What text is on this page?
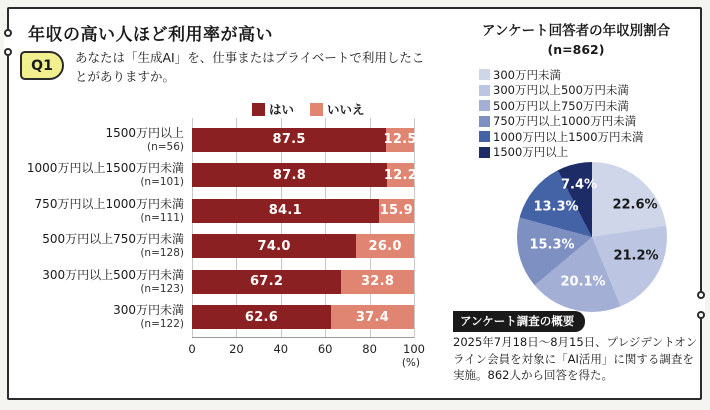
年収の高い人ほど利用率が高い
Q1	あなたは「生成AI」を、仕事またはプライベートで利用したことがありますか。
はい	いいえ
1500万円以上
(n=56)	87.5	12.5
1000万円以上1500万円未満
(n=101)	87.8	12.2
750万円以上1000万円未満
(n=111)	84.1	15.9
500万円以上750万円未満
(n=128)	74.0	26.0
300万円以上500万円未満
(n=123)	67.2	32.8
300万円未満
(n=122)	62.6	37.4
0	20	40	60	80 100
(%)
アンケート回答者の年収別割合
(n=862)
300万円未満
300万円以上500万円未満
500万円以上750万円未満
750万円以上1000万円未満
1000万円以上1500万円未満
1500万円以上
22.6%
21.2%
20.1%
15.3%
13.3%
7.4%
アンケート調査の概要
2025年7月18日〜8月15日、プレジデントオンライン会員を対象に「AI活用」に関する調査を実施。862人から回答を得た。
